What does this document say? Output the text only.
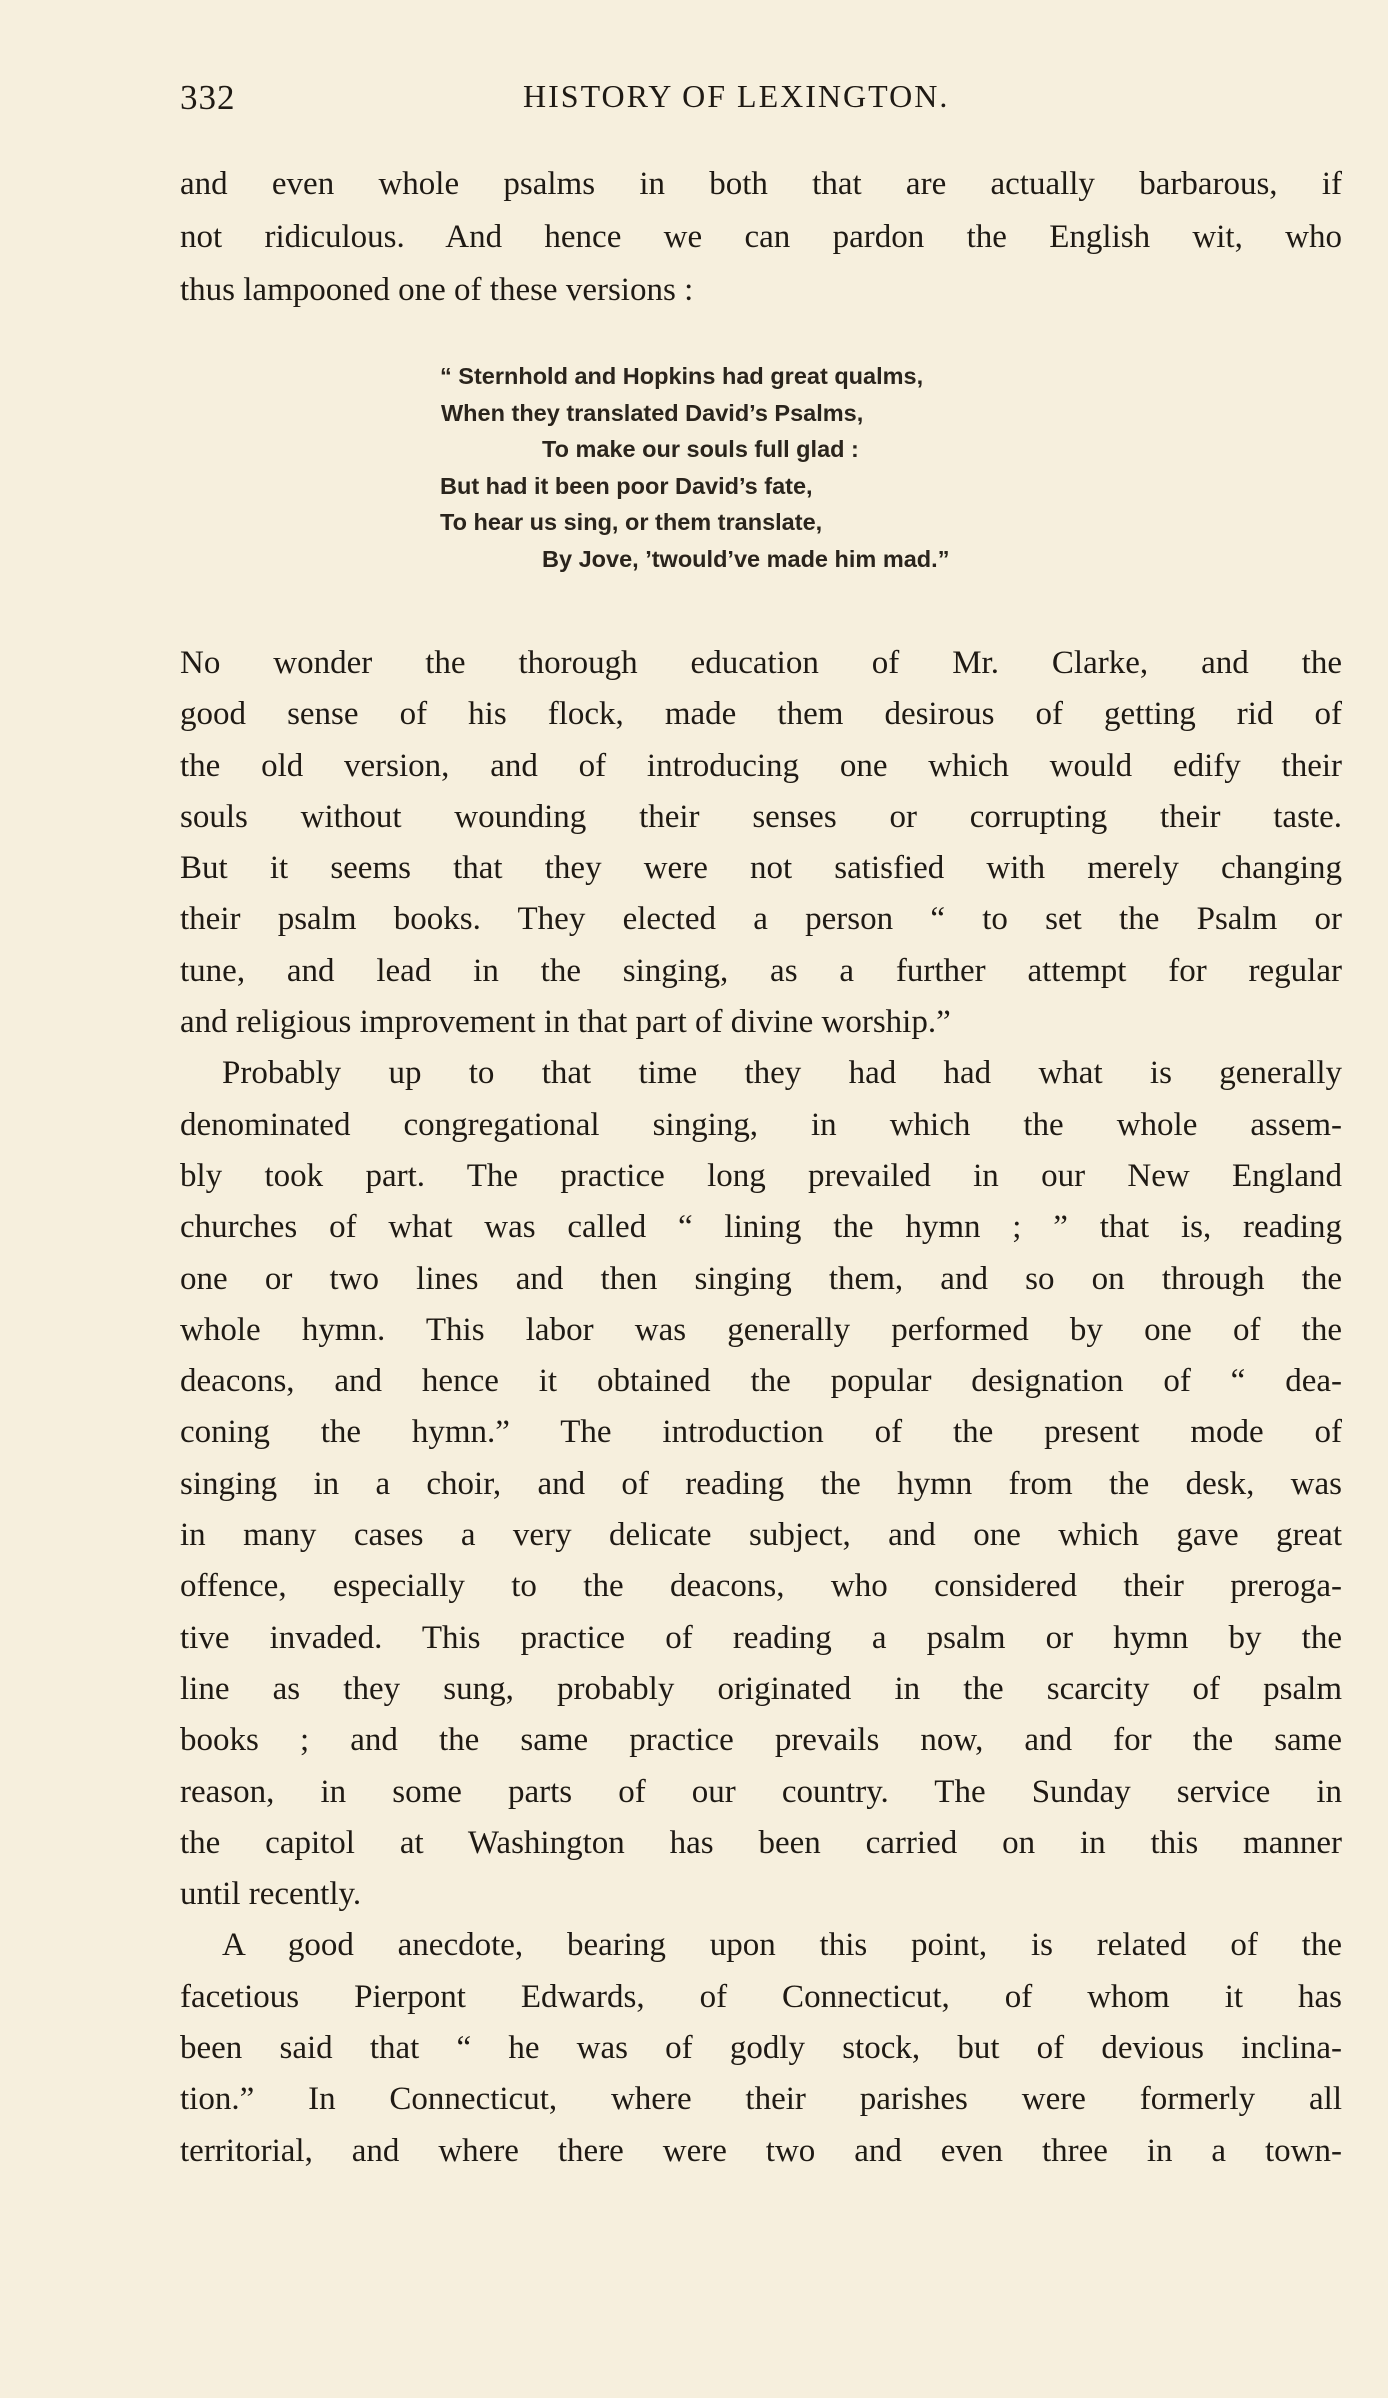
332	HISTORY OF LEXINGTON.
and even whole psalms in both that are actually barbarous, if
not ridiculous. And hence we can pardon the English wit, who
thus lampooned one of these versions :
“ Sternhold and Hopkins had great qualms,
When they translated David’s Psalms,
To make our souls full glad :
But had it been poor David’s fate,
To hear us sing, or them translate,
By Jove, ’twould’ve made him mad.”
No wonder the thorough education of Mr. Clarke, and the
good sense of his flock, made them desirous of getting rid of
the old version, and of introducing one which would edify their
souls without wounding their senses or corrupting their taste.
But it seems that they were not satisfied with merely changing
their psalm books. They elected a person “ to set the Psalm or
tune, and lead in the singing, as a further attempt for regular
and religious improvement in that part of divine worship.”
Probably up to that time they had had what is generally
denominated congregational singing, in which the whole assem-
bly took part. The practice long prevailed in our New England
churches of what was called “ lining the hymn ; ” that is, reading
one or two lines and then singing them, and so on through the
whole hymn. This labor was generally performed by one of the
deacons, and hence it obtained the popular designation of “ dea-
coning the hymn.” The introduction of the present mode of
singing in a choir, and of reading the hymn from the desk, was
in many cases a very delicate subject, and one which gave great
offence, especially to the deacons, who considered their preroga-
tive invaded. This practice of reading a psalm or hymn by the
line as they sung, probably originated in the scarcity of psalm
books ; and the same practice prevails now, and for the same
reason, in some parts of our country. The Sunday service in
the capitol at Washington has been carried on in this manner
until recently.
A good anecdote, bearing upon this point, is related of the
facetious Pierpont Edwards, of Connecticut, of whom it has
been said that “ he was of godly stock, but of devious inclina-
tion.” In Connecticut, where their parishes were formerly all
territorial, and where there were two and even three in a town-
